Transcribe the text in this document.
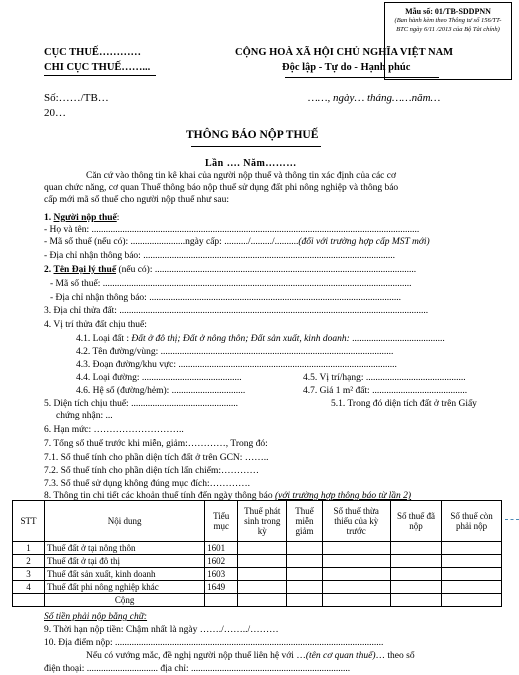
Mẫu số: 01/TB-SDDPNN
(Ban hành kèm theo Thông tư số 156/TT-BTC ngày 6/11 /2013 của Bộ Tài chính)
CỤC THUẾ…………
CHI CỤC THUẾ……...
CỘNG HOÀ XÃ HỘI CHỦ NGHĨA VIỆT NAM
Độc lập - Tự do - Hạnh phúc
Số:……/TB…
20…
……, ngày… tháng……năm…
THÔNG BÁO NỘP THUẾ
Lần …. Năm………
Căn cứ vào thông tin kê khai của người nộp thuế và thông tin xác định của các cơ
quan chức năng, cơ quan Thuế thông báo nộp thuế sử dụng đất phi nông nghiệp và thông báo
cấp mới mã số thuế cho người nộp thuế như sau:
1. Người nộp thuế:
- Họ và tên: ..........................................................................................................................................
- Mã số thuế (nếu có): .......................ngày cấp: ........../........./..........(đối với trường hợp cấp MST mới)
- Địa chỉ nhận thông báo: ..........................................................................................................
2. Tên Đại lý thuế (nếu có): ..............................................................................................................
- Mã số thuế: ..................................................................................................................................
- Địa chỉ nhận thông báo: ..........................................................................................................
3. Địa chỉ thửa đất: ..................................................................................................................................
4. Vị trí thửa đất chịu thuế:
4.1. Loại đất : Đất ở đô thị; Đất ở nông thôn; Đất sản xuất, kinh doanh: .......................................
4.2. Tên đường/vùng: ..................................................................................................
4.3. Đoạn đường/khu vực: ............................................................................................
4.4. Loại đường: ..........................................	4.5. Vị trí/hạng: ..........................................
4.6. Hệ số (đường/hẻm): ...............................	4.7. Giá 1 m² đất: ........................................
5. Diện tích chịu thuế: .............................................	5.1. Trong đó diện tích đất ở trên Giấy
chứng nhận: ...
6. Hạn mức: ………………………..
7. Tổng số thuế trước khi miễn, giảm:…………, Trong đó:
7.1. Số thuế tính cho phần diện tích đất ở trên GCN: ……..
7.2. Số thuế tính cho phần diện tích lấn chiếm:…………
7.3. Số thuế sử dụng không đúng mục đích:………….
8. Thông tin chi tiết các khoản thuế tính đến ngày thông báo (với trường hợp thông báo từ lần 2)
STT	Nội dung	Tiểu mục	Thuế phát sinh trong kỳ	Thuế miễn giảm	Số thuế thừa thiếu của kỳ trước	Số thuế đã nộp	Số thuế còn phải nộp
1	Thuế đất ở tại nông thôn	1601					
2	Thuế đất ở tại đô thị	1602					
3	Thuế đất sản xuất, kinh doanh	1603					
4	Thuế đất phi nông nghiệp khác	1649					
	Cộng						
Số tiền phải nộp bằng chữ:
9. Thời hạn nộp tiền: Chậm nhất là ngày ……./……../………
10. Địa điểm nộp: .................................................................................................................
Nếu có vướng mắc, đề nghị người nộp thuế liên hệ với …(tên cơ quan thuế)… theo số
điện thoại: .............................. địa chỉ: ...................................................................
